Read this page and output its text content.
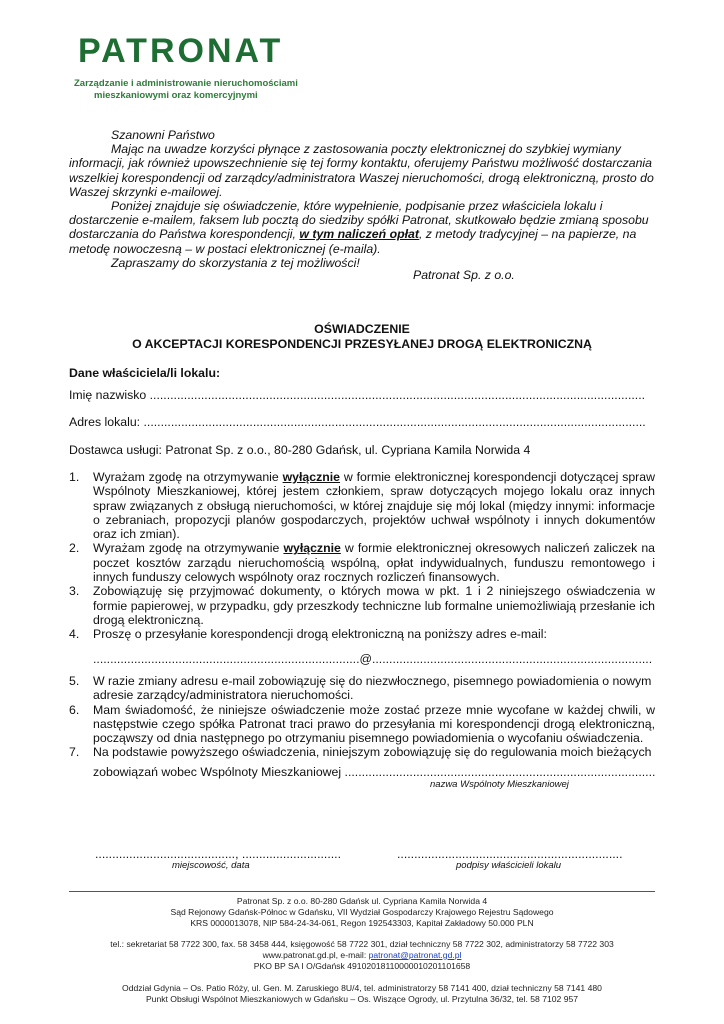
PATRONAT
Zarządzanie i administrowanie nieruchomościami
mieszkaniowymi oraz komercyjnymi

Szanowni Państwo

Mając na uwadze korzyści płynące z zastosowania poczty elektronicznej do szybkiej wymiany informacji, jak również upowszechnienie się tej formy kontaktu, oferujemy Państwu możliwość dostarczania wszelkiej korespondencji od zarządcy/administratora Waszej nieruchomości, drogą elektroniczną, prosto do Waszej skrzynki e-mailowej.

Poniżej znajduje się oświadczenie, które wypełnienie, podpisanie przez właściciela lokalu i dostarczenie e-mailem, faksem lub pocztą do siedziby spółki Patronat, skutkowało będzie zmianą sposobu dostarczania do Państwa korespondencji, w tym naliczeń opłat, z metody tradycyjnej – na papierze, na metodę nowoczesną – w postaci elektronicznej (e-maila).

Zapraszamy do skorzystania z tej możliwości!

Patronat Sp. z o.o.
OŚWIADCZENIE
O AKCEPTACJI KORESPONDENCJI PRZESYŁANEJ DROGĄ ELEKTRONICZNĄ
Dane właściciela/li lokalu:
Imię nazwisko .................................................................................................................................................
Adres lokalu: ...................................................................................................................................................
Dostawca usługi: Patronat Sp. z o.o., 80-280 Gdańsk, ul. Cypriana Kamila Norwida 4
1.	Wyrażam zgodę na otrzymywanie wyłącznie w formie elektronicznej korespondencji dotyczącej spraw Wspólnoty Mieszkaniowej, której jestem członkiem, spraw dotyczących mojego lokalu oraz innych spraw związanych z obsługą nieruchomości, w której znajduje się mój lokal (między innymi: informacje o zebraniach, propozycji planów gospodarczych, projektów uchwał wspólnoty i innych dokumentów oraz ich zmian).
2.	Wyrażam zgodę na otrzymywanie wyłącznie w formie elektronicznej okresowych naliczeń zaliczek na poczet kosztów zarządu nieruchomością wspólną, opłat indywidualnych, funduszu remontowego i innych funduszy celowych wspólnoty oraz rocznych rozliczeń finansowych.
3.	Zobowiązuję się przyjmować dokumenty, o których mowa w pkt. 1 i 2 niniejszego oświadczenia w formie papierowej, w przypadku, gdy przeszkody techniczne lub formalne uniemożliwiają przesłanie ich drogą elektroniczną.
4.	Proszę o przesyłanie korespondencji drogą elektroniczną na poniższy adres e-mail:
..............................................................................@..................................................................................
5.	W razie zmiany adresu e-mail zobowiązuję się do niezwłocznego, pisemnego powiadomienia o nowym adresie zarządcy/administratora nieruchomości.
6.	Mam świadomość, że niniejsze oświadczenie może zostać przeze mnie wycofane w każdej chwili, w następstwie czego spółka Patronat traci prawo do przesyłania mi korespondencji drogą elektroniczną, począwszy od dnia następnego po otrzymaniu pisemnego powiadomienia o wycofaniu oświadczenia.
7.	Na podstawie powyższego oświadczenia, niniejszym zobowiązuję się do regulowania moich bieżących
zobowiązań wobec Wspólnoty Mieszkaniowej ...........................................................................................
nazwa Wspólnoty Mieszkaniowej
........................................., .............................
miejscowość, data
..................................................................
podpisy właścicieli lokalu
Patronat Sp. z o.o. 80-280 Gdańsk ul. Cypriana Kamila Norwida 4
Sąd Rejonowy Gdańsk-Północ w Gdańsku, VII Wydział Gospodarczy Krajowego Rejestru Sądowego
KRS 0000013078, NIP 584-24-34-061, Regon 192543303, Kapitał Zakładowy 50.000 PLN
tel.: sekretariat 58 7722 300, fax. 58 3458 444, księgowość 58 7722 301, dział techniczny 58 7722 302, administratorzy 58 7722 303
www.patronat.gd.pl, e-mail: patronat@patronat.gd.pl
PKO BP SA I O/Gdańsk 49102018110000010201101658
Oddział Gdynia – Os. Patio Róży, ul. Gen. M. Zaruskiego 8U/4, tel. administratorzy 58 7141 400, dział techniczny 58 7141 480
Punkt Obsługi Wspólnot Mieszkaniowych w Gdańsku – Os. Wiszące Ogrody, ul. Przytulna 36/32, tel. 58 7102 957
